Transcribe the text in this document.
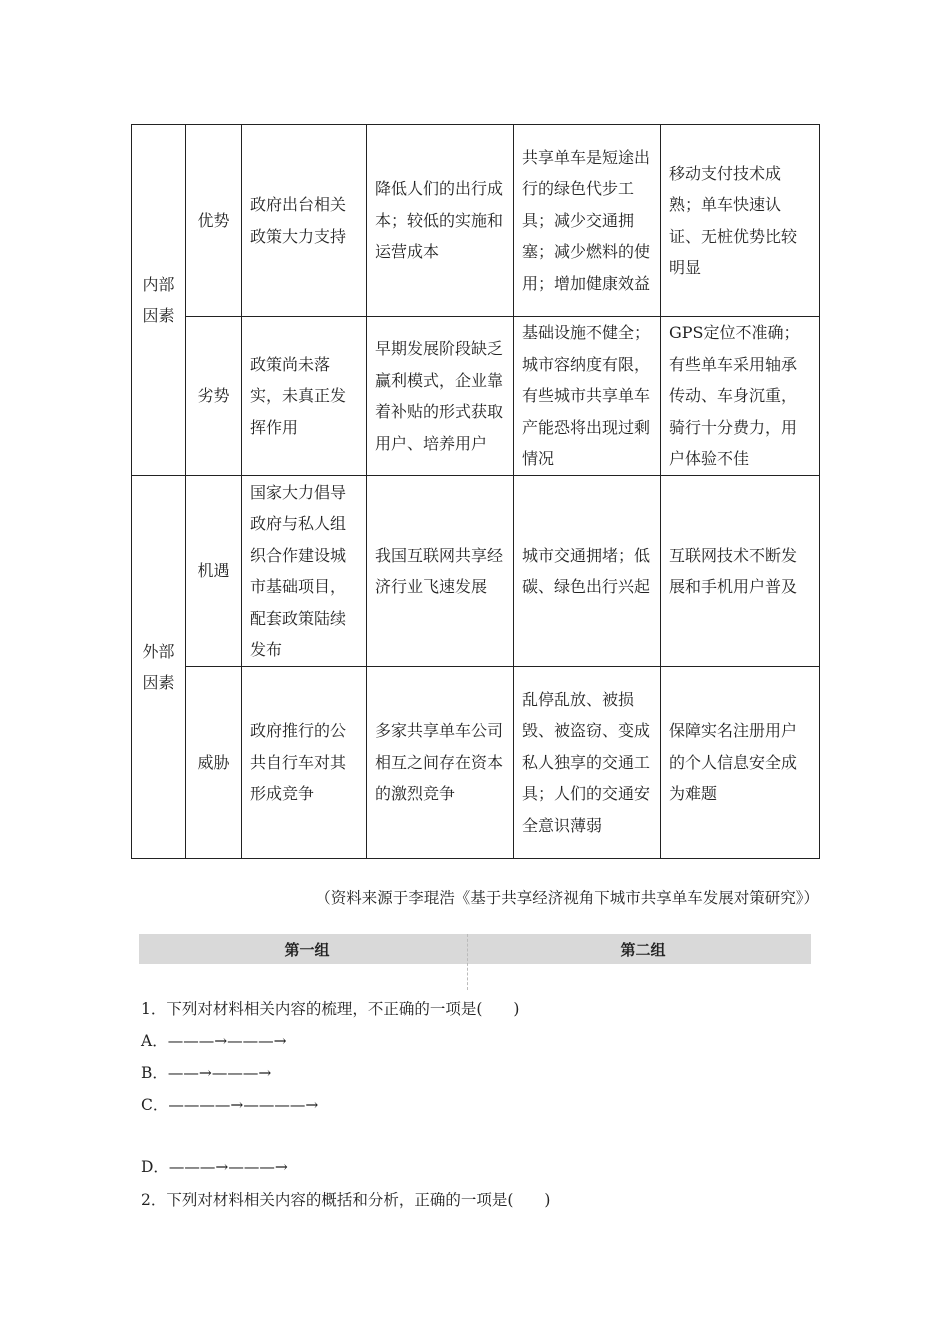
内部因素	优势	政府出台相关政策大力支持	降低人们的出行成本；较低的实施和运营成本	共享单车是短途出行的绿色代步工具；减少交通拥塞；减少燃料的使用；增加健康效益	移动支付技术成熟；单车快速认证、无桩优势比较明显
	劣势	政策尚未落实，未真正发挥作用	早期发展阶段缺乏赢利模式，企业靠着补贴的形式获取用户、培养用户	基础设施不健全；城市容纳度有限，有些城市共享单车产能恐将出现过剩情况	GPS定位不准确；有些单车采用轴承传动、车身沉重，骑行十分费力，用户体验不佳
外部因素	机遇	国家大力倡导政府与私人组织合作建设城市基础项目，配套政策陆续发布	我国互联网共享经济行业飞速发展	城市交通拥堵；低碳、绿色出行兴起	互联网技术不断发展和手机用户普及
	威胁	政府推行的公共自行车对其形成竞争	多家共享单车公司相互之间存在资本的激烈竞争	乱停乱放、被损毁、被盗窃、变成私人独享的交通工具；人们的交通安全意识薄弱	保障实名注册用户的个人信息安全成为难题
（资料来源于李琨浩《基于共享经济视角下城市共享单车发展对策研究》）
第一组	第二组
1．下列对材料相关内容的梳理，不正确的一项是(　　)
A．———→———→
B．——→———→
C．————→————→
D．———→———→
2．下列对材料相关内容的概括和分析，正确的一项是(　　)
